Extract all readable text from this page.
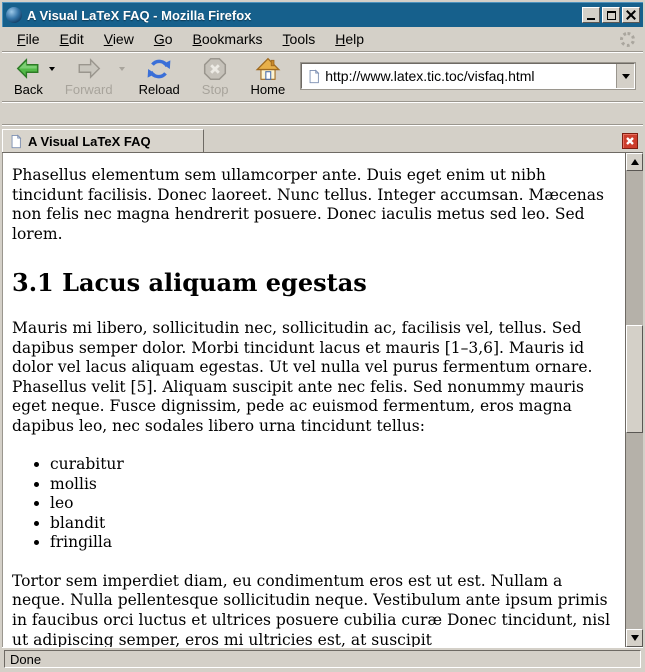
A Visual LaTeX FAQ - Mozilla Firefox
File	Edit	View	Go	Bookmarks	Tools	Help
Back Forward Reload Stop Home
http://www.latex.tic.toc/visfaq.html
A Visual LaTeX FAQ

Phasellus elementum sem ullamcorper ante. Duis eget enim ut nibh tincidunt facilisis. Donec laoreet. Nunc tellus. Integer accumsan. Mæcenas non felis nec magna hendrerit posuere. Donec iaculis metus sed leo. Sed lorem.

3.1 Lacus aliquam egestas

Mauris mi libero, sollicitudin nec, sollicitudin ac, facilisis vel, tellus. Sed dapibus semper dolor. Morbi tincidunt lacus et mauris [1–3,6]. Mauris id dolor vel lacus aliquam egestas. Ut vel nulla vel purus fermentum ornare. Phasellus velit [5]. Aliquam suscipit ante nec felis. Sed nonummy mauris eget neque. Fusce dignissim, pede ac euismod fermentum, eros magna dapibus leo, nec sodales libero urna tincidunt tellus:

• curabitur
• mollis
• leo
• blandit
• fringilla

Tortor sem imperdiet diam, eu condimentum eros est ut est. Nullam a neque. Nulla pellentesque sollicitudin neque. Vestibulum ante ipsum primis in faucibus orci luctus et ultrices posuere cubilia curæ Donec tincidunt, nisl ut adipiscing semper, eros mi ultricies est, at suscipit

Done
